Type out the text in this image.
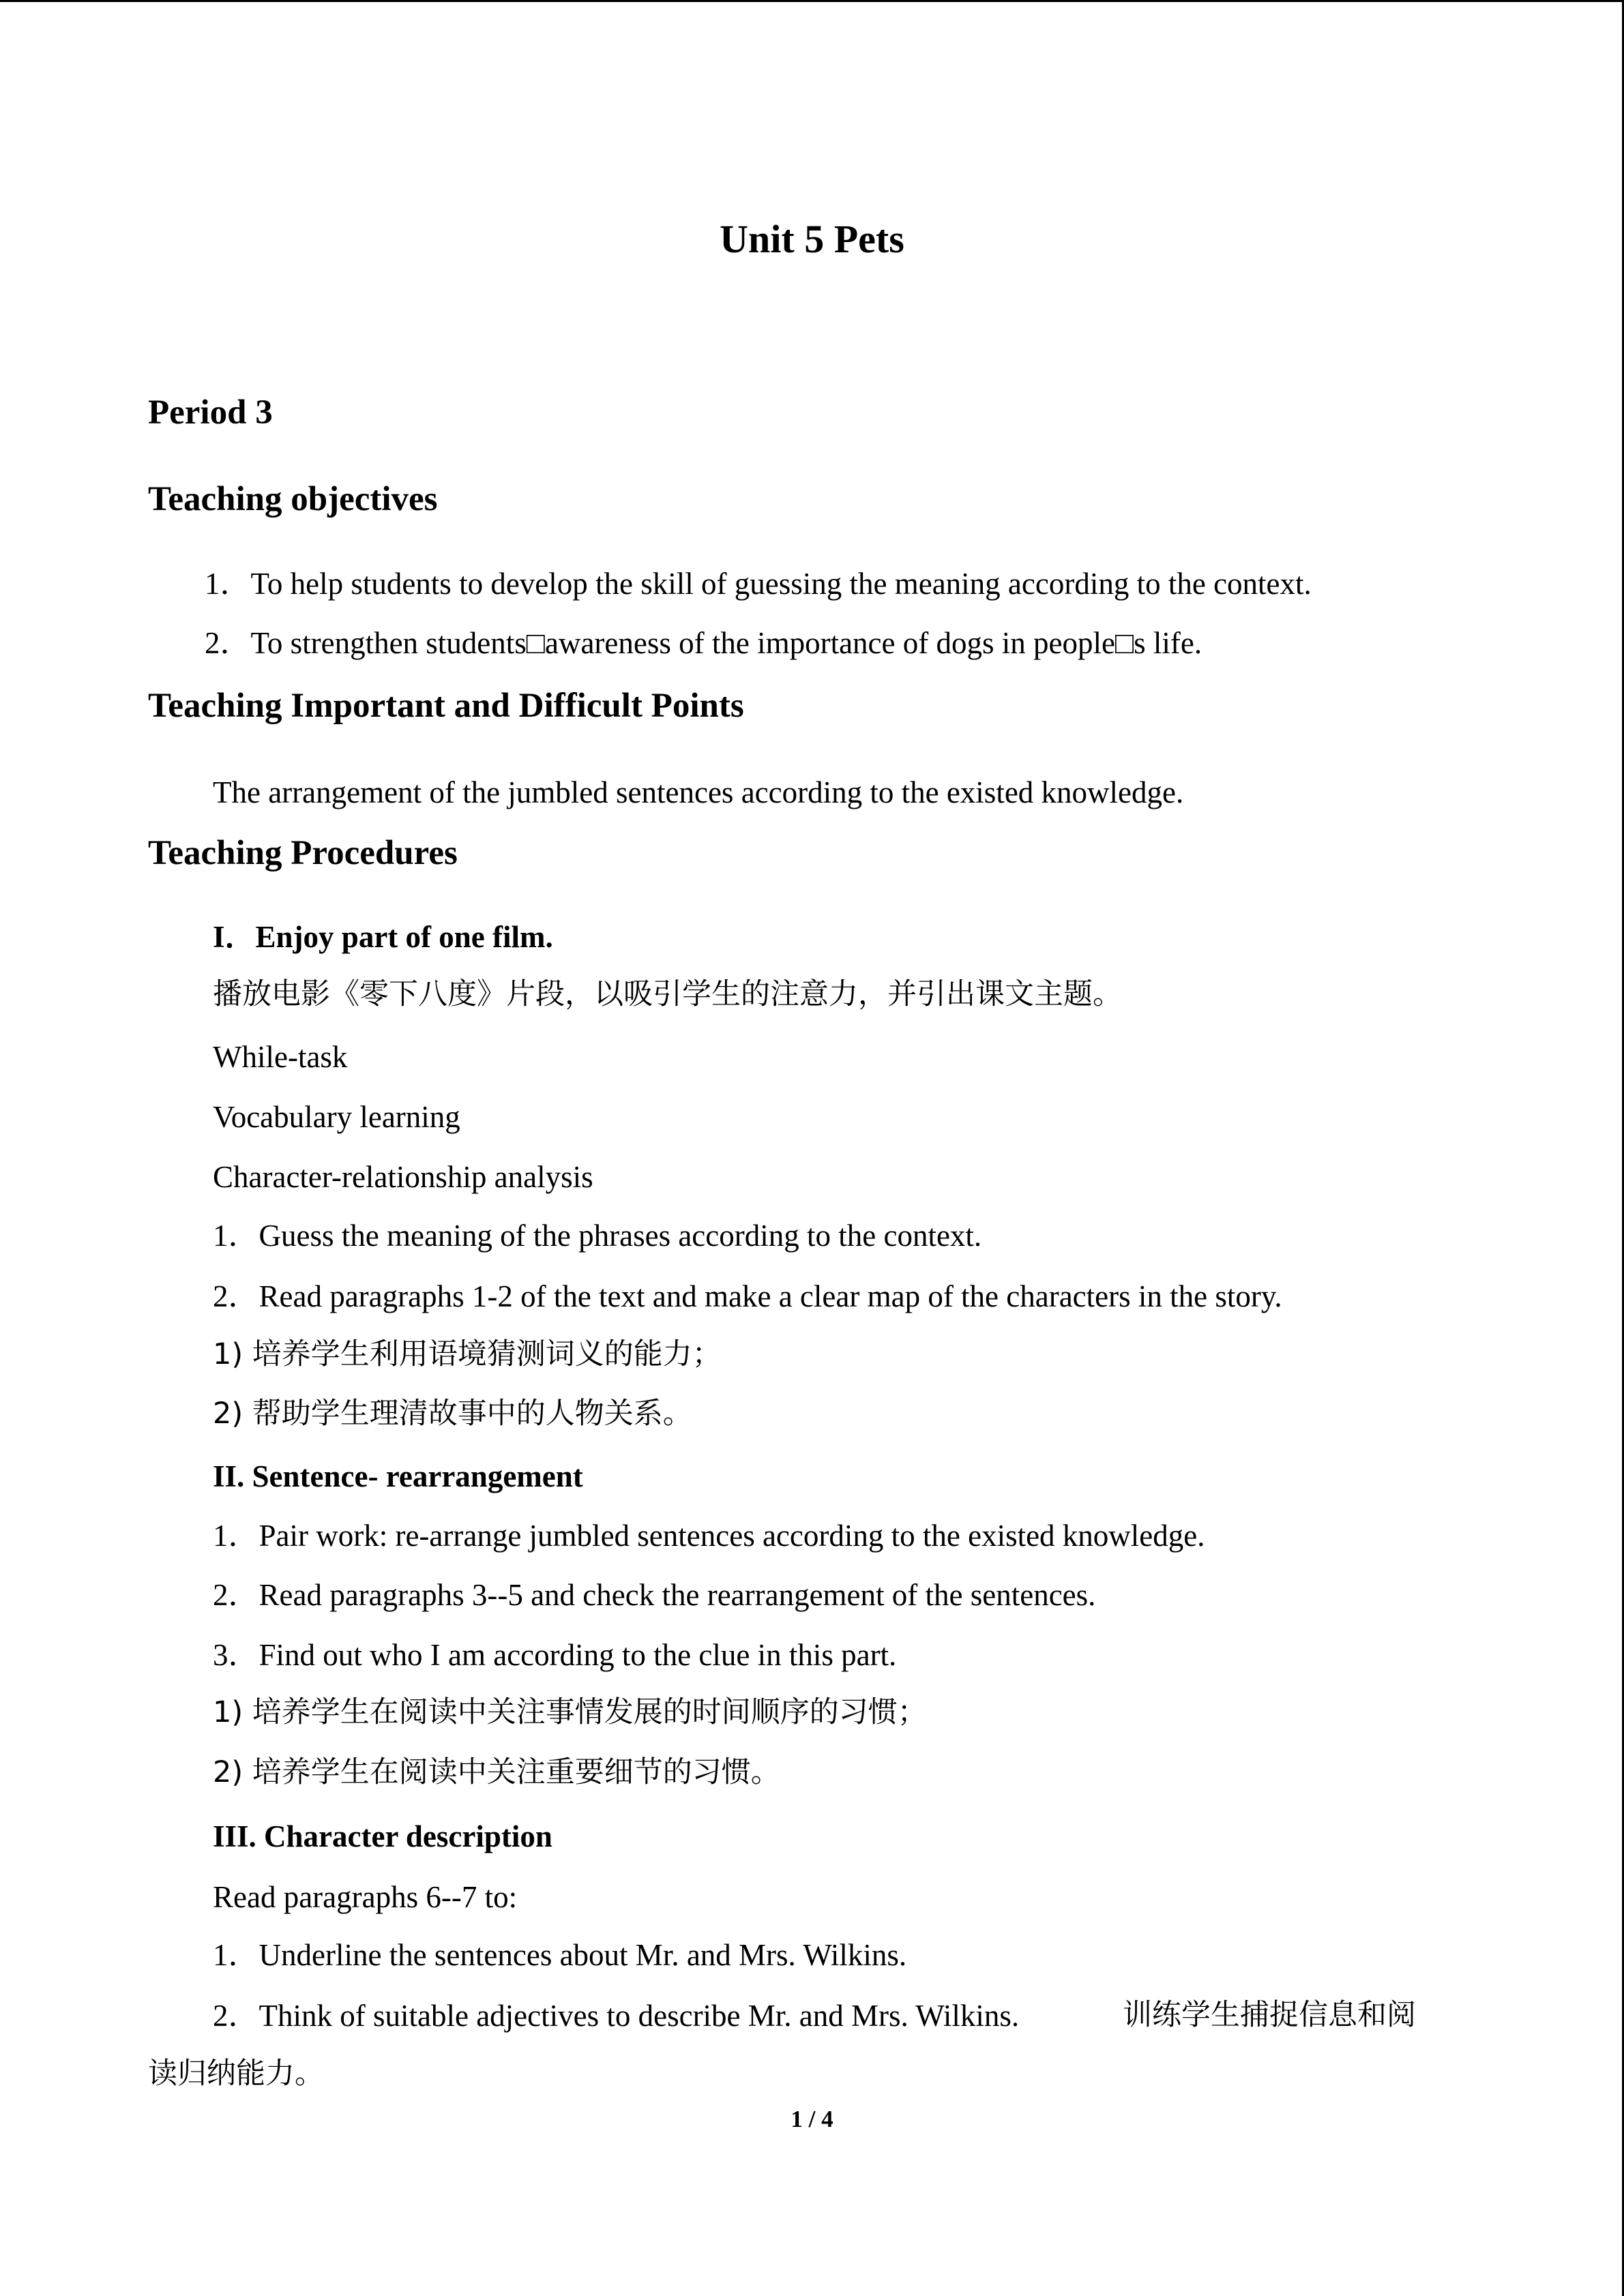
Unit 5 Pets
Period 3
Teaching objectives
1．To help students to develop the skill of guessing the meaning according to the context.
2．To strengthen students□awareness of the importance of dogs in people□s life.
Teaching Important and Difficult Points
The arrangement of the jumbled sentences according to the existed knowledge.
Teaching Procedures
I．Enjoy part of one film.
播放电影《零下八度》片段，以吸引学生的注意力，并引出课文主题。
While-task
Vocabulary learning
Character-relationship analysis
1．Guess the meaning of the phrases according to the context.
2．Read paragraphs 1-2 of the text and make a clear map of the characters in the story.
1) 培养学生利用语境猜测词义的能力；
2) 帮助学生理清故事中的人物关系。
II. Sentence- rearrangement
1．Pair work: re-arrange jumbled sentences according to the existed knowledge.
2．Read paragraphs 3--5 and check the rearrangement of the sentences.
3．Find out who I am according to the clue in this part.
1) 培养学生在阅读中关注事情发展的时间顺序的习惯；
2) 培养学生在阅读中关注重要细节的习惯。
III. Character description
Read paragraphs 6--7 to:
1．Underline the sentences about Mr. and Mrs. Wilkins.
2．Think of suitable adjectives to describe Mr. and Mrs. Wilkins.	训练学生捕捉信息和阅
读归纳能力。
1 / 4
